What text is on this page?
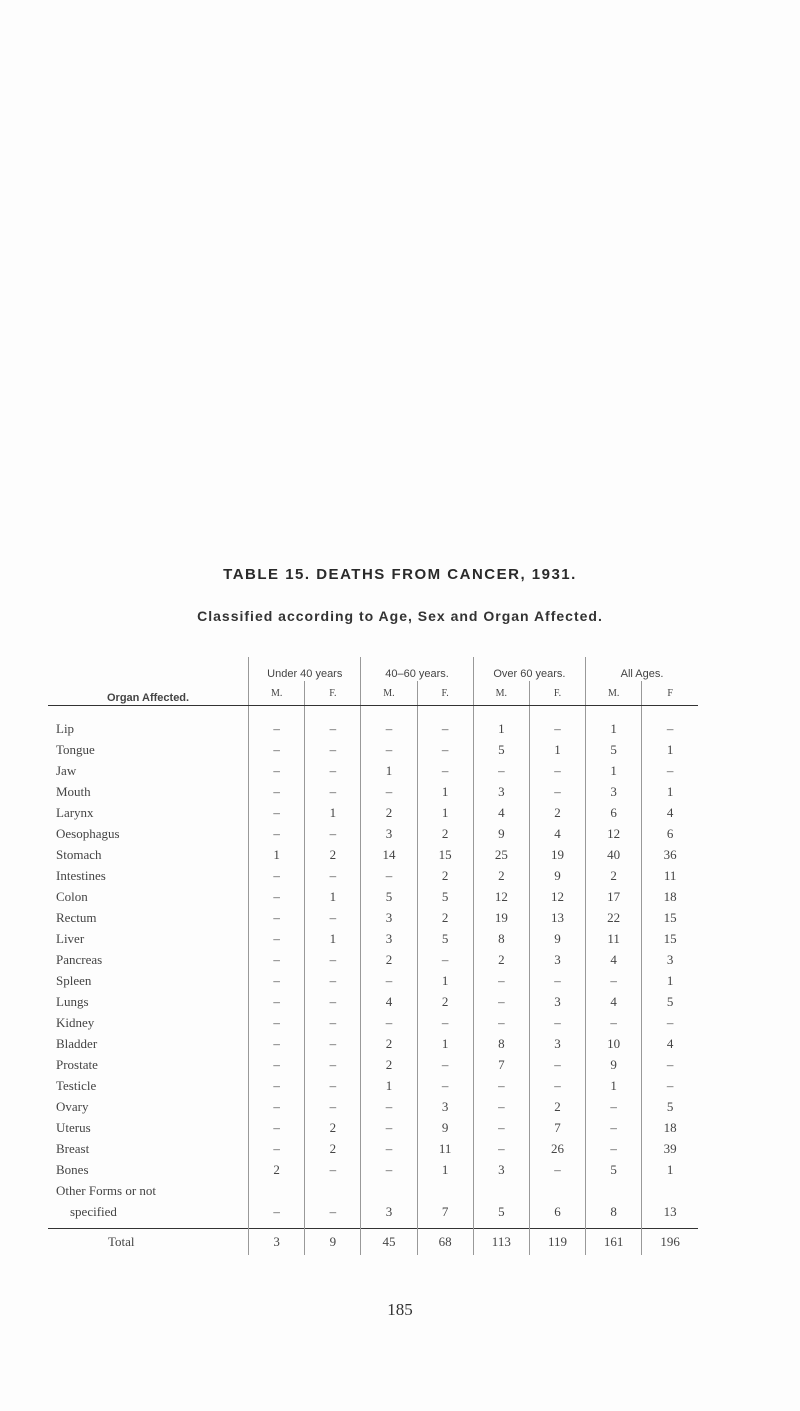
TABLE 15. DEATHS FROM CANCER, 1931.
Classified according to Age, Sex and Organ Affected.
Organ Affected.	Under 40 years		40–60 years.		Over 60 years.		All Ages.	
	M.	F.	M.	F.	M.	F.	M.	F

Lip	–	–	–	–	1	–	1	–
Tongue	–	–	–	–	5	1	5	1
Jaw	–	–	1	–	–	–	1	–
Mouth	–	–	–	1	3	–	3	1
Larynx	–	1	2	1	4	2	6	4
Oesophagus	–	–	3	2	9	4	12	6
Stomach	1	2	14	15	25	19	40	36
Intestines	–	–	–	2	2	9	2	11
Colon	–	1	5	5	12	12	17	18
Rectum	–	–	3	2	19	13	22	15
Liver	–	1	3	5	8	9	11	15
Pancreas	–	–	2	–	2	3	4	3
Spleen	–	–	–	1	–	–	–	1
Lungs	–	–	4	2	–	3	4	5
Kidney	–	–	–	–	–	–	–	–
Bladder	–	–	2	1	8	3	10	4
Prostate	–	–	2	–	7	–	9	–
Testicle	–	–	1	–	–	–	1	–
Ovary	–	–	–	3	–	2	–	5
Uterus	–	2	–	9	–	7	–	18
Breast	–	2	–	11	–	26	–	39
Bones	2	–	–	1	3	–	5	1
Other Forms or not								
specified	–	–	3	7	5	6	8	13

Total	3	9	45	68	113	119	161	196
185
